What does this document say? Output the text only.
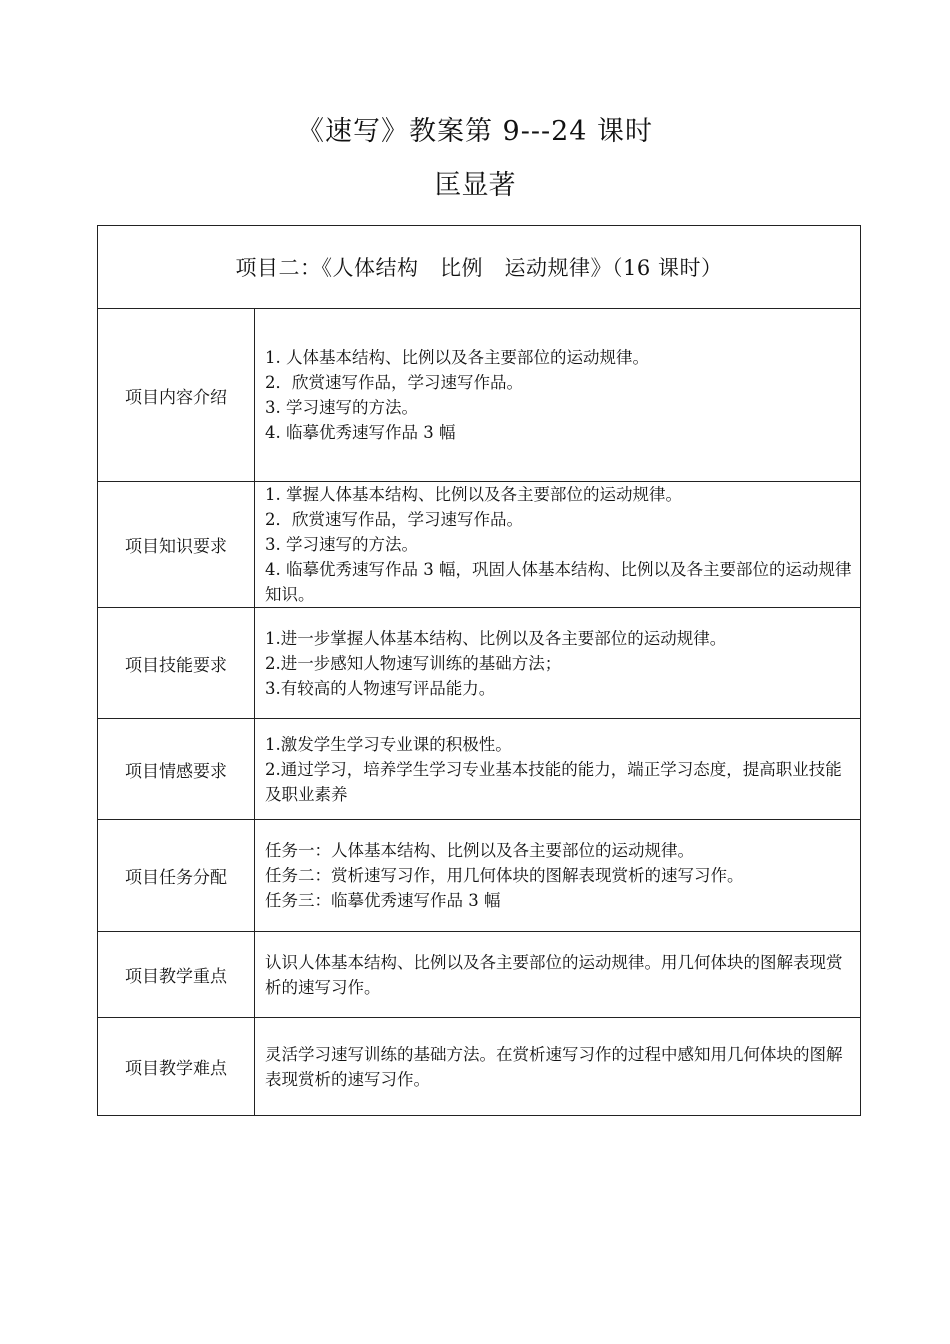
《速写》教案第 9---24 课时
匡显著
项目二：《人体结构　比例　运动规律》（16 课时）	
项目内容介绍	1. 人体基本结构、比例以及各主要部位的运动规律。
2．欣赏速写作品，学习速写作品。
3. 学习速写的方法。
4. 临摹优秀速写作品 3 幅

项目知识要求	1. 掌握人体基本结构、比例以及各主要部位的运动规律。
2．欣赏速写作品，学习速写作品。
3. 学习速写的方法。
4. 临摹优秀速写作品 3 幅，巩固人体基本结构、比例以及各主要部位的运动规律知识。

项目技能要求	1.进一步掌握人体基本结构、比例以及各主要部位的运动规律。
2.进一步感知人物速写训练的基础方法；
3.有较高的人物速写评品能力。

项目情感要求	1.激发学生学习专业课的积极性。
2.通过学习，培养学生学习专业基本技能的能力，端正学习态度，提高职业技能及职业素养

项目任务分配	任务一：人体基本结构、比例以及各主要部位的运动规律。
任务二：赏析速写习作，用几何体块的图解表现赏析的速写习作。
任务三：临摹优秀速写作品 3 幅

项目教学重点	认识人体基本结构、比例以及各主要部位的运动规律。用几何体块的图解表现赏析的速写习作。

项目教学难点	灵活学习速写训练的基础方法。在赏析速写习作的过程中感知用几何体块的图解表现赏析的速写习作。
